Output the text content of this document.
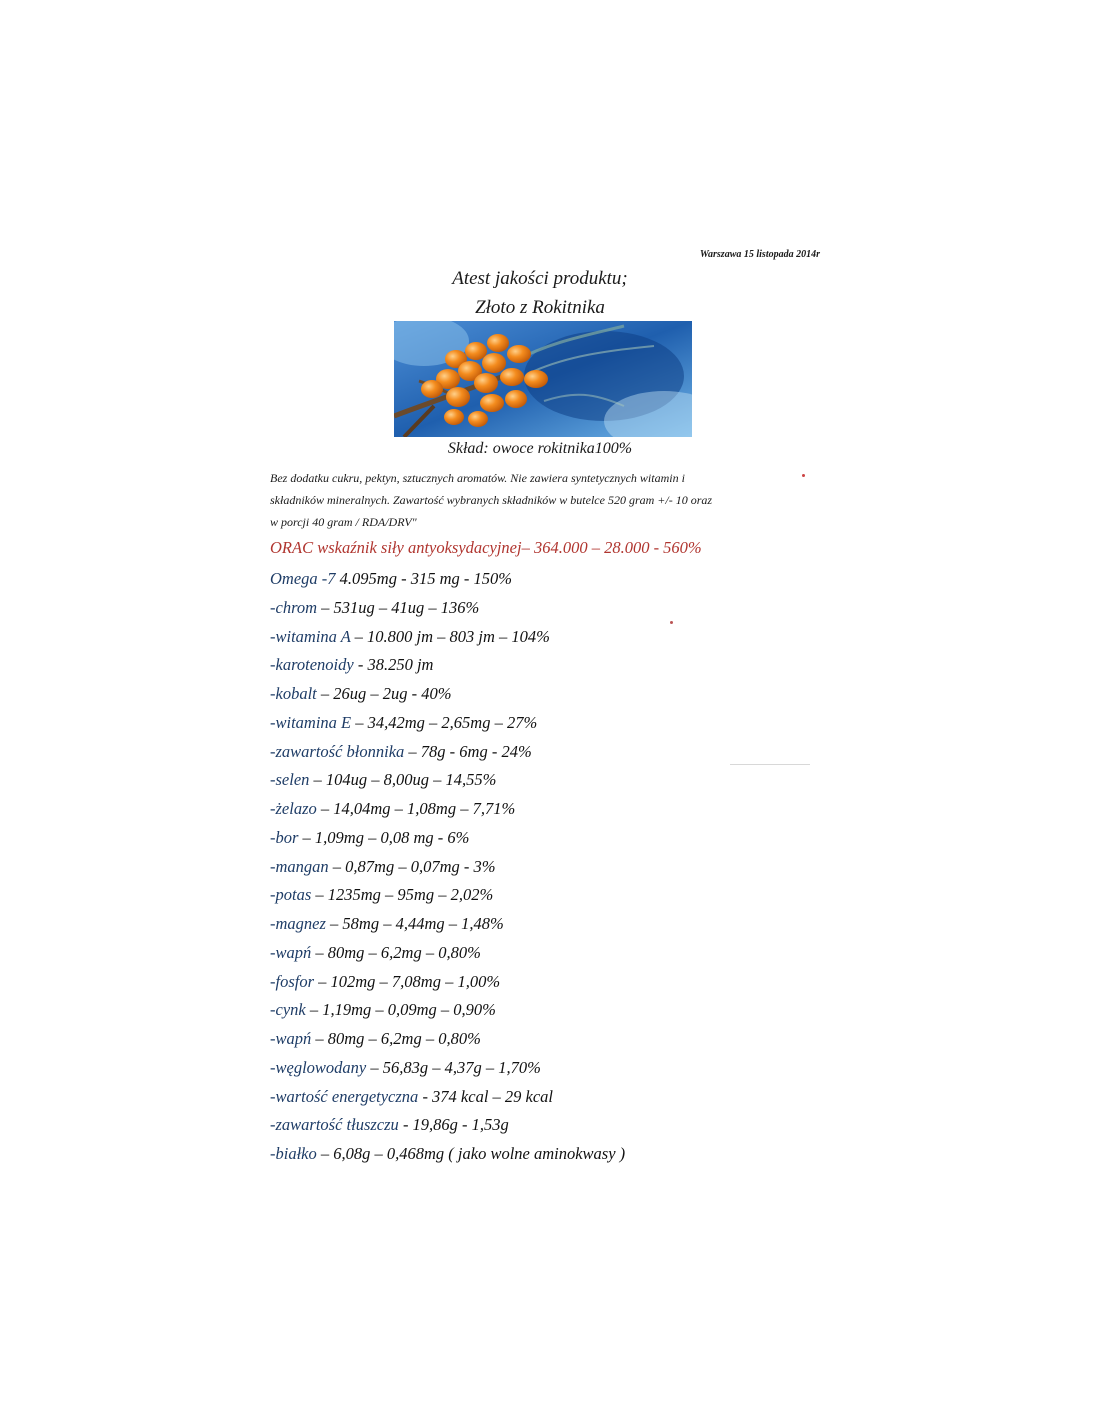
Warszawa 15 listopada 2014r
Atest jakości produktu;
Złoto z Rokitnika
Skład: owoce rokitnika100%
Bez dodatku cukru, pektyn, sztucznych aromatów. Nie zawiera syntetycznych witamin i
składników mineralnych. Zawartość wybranych składników w butelce 520 gram +/- 10 oraz
w porcji 40 gram / RDA/DRV"
ORAC wskaźnik siły antyoksydacyjnej– 364.000 – 28.000 - 560%
Omega -7 4.095mg - 315 mg - 150%
-chrom – 531ug – 41ug – 136%
-witamina A – 10.800 jm – 803 jm – 104%
-karotenoidy - 38.250 jm
-kobalt – 26ug – 2ug - 40%
-witamina E – 34,42mg – 2,65mg – 27%
-zawartość błonnika – 78g - 6mg - 24%
-selen – 104ug – 8,00ug – 14,55%
-żelazo – 14,04mg – 1,08mg – 7,71%
-bor – 1,09mg – 0,08 mg - 6%
-mangan – 0,87mg – 0,07mg - 3%
-potas – 1235mg – 95mg – 2,02%
-magnez – 58mg – 4,44mg – 1,48%
-wapń – 80mg – 6,2mg – 0,80%
-fosfor – 102mg – 7,08mg – 1,00%
-cynk – 1,19mg – 0,09mg – 0,90%
-wapń – 80mg – 6,2mg – 0,80%
-węglowodany – 56,83g – 4,37g – 1,70%
-wartość energetyczna - 374 kcal – 29 kcal
-zawartość tłuszczu - 19,86g - 1,53g
-białko – 6,08g – 0,468mg ( jako wolne aminokwasy )
